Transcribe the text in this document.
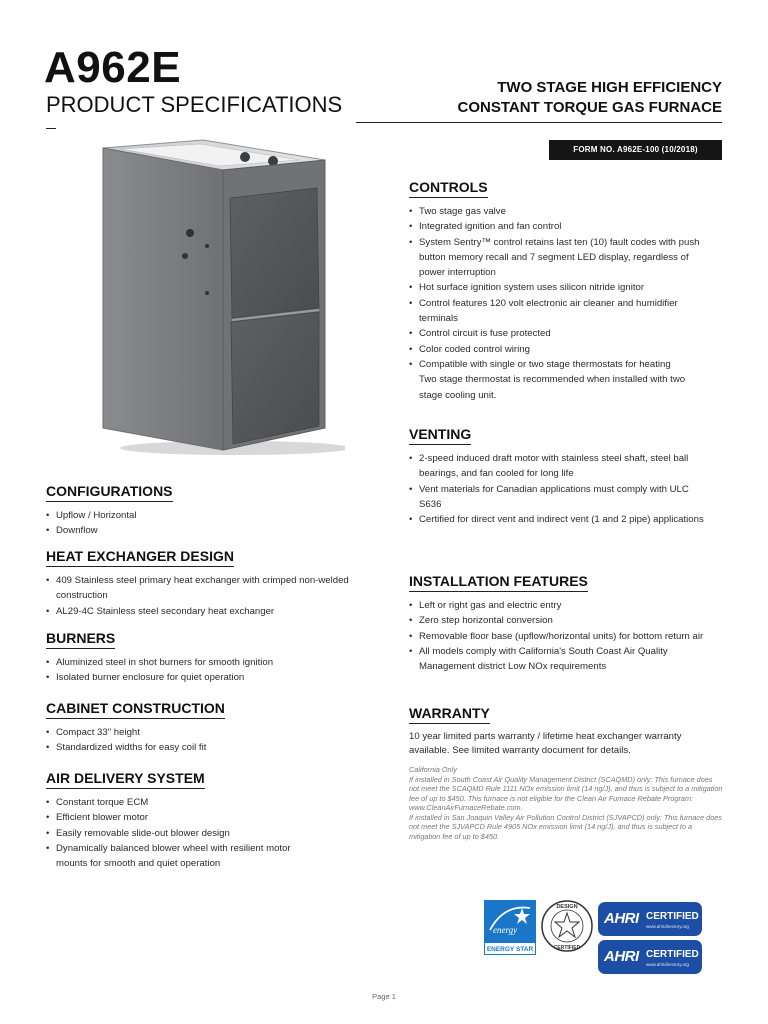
A962E
PRODUCT SPECIFICATIONS
TWO STAGE HIGH EFFICIENCY
CONSTANT TORQUE GAS FURNACE
FORM NO. A962E-100 (10/2018)
CONFIGURATIONS
• Upflow / Horizontal
• Downflow
HEAT EXCHANGER DESIGN
• 409 Stainless steel primary heat exchanger with crimped non-welded construction
• AL29-4C Stainless steel secondary heat exchanger
BURNERS
• Aluminized steel in shot burners for smooth ignition
• Isolated burner enclosure for quiet operation
CABINET CONSTRUCTION
• Compact 33" height
• Standardized widths for easy coil fit
AIR DELIVERY SYSTEM
• Constant torque ECM
• Efficient blower motor
• Easily removable slide-out blower design
• Dynamically balanced blower wheel with resilient motor mounts for smooth and quiet operation
CONTROLS
• Two stage gas valve
• Integrated ignition and fan control
• System Sentry™ control retains last ten (10) fault codes with push button memory recall and 7 segment LED display, regardless of power interruption
• Hot surface ignition system uses silicon nitride ignitor
• Control features 120 volt electronic air cleaner and humidifier terminals
• Control circuit is fuse protected
• Color coded control wiring
• Compatible with single or two stage thermostats for heating
Two stage thermostat is recommended when installed with two stage cooling unit.
VENTING
• 2-speed induced draft motor with stainless steel shaft, steel ball bearings, and fan cooled for long life
• Vent materials for Canadian applications must comply with ULC S636
• Certified for direct vent and indirect vent (1 and 2 pipe) applications
INSTALLATION FEATURES
• Left or right gas and electric entry
• Zero step horizontal conversion
• Removable floor base (upflow/horizontal units) for bottom return air
• All models comply with California's South Coast Air Quality Management district Low NOx requirements
WARRANTY

10 year limited parts warranty / lifetime heat exchanger warranty available. See limited warranty document for details.

California Only
If installed in South Coast Air Quality Management District (SCAQMD) only: This furnace does not meet the SCAQMD Rule 1111 NOx emission limit (14 ng/J), and thus is subject to a mitigation fee of up to $450. This furnace is not eligible for the Clean Air Furnace Rebate Program: www.CleanAirFurnaceRebate.com.
If installed in San Joaquin Valley Air Pollution Control District (SJVAPCD) only: This furnace does not meet the SJVAPCD Rule 4905 NOx emission limit (14 ng/J), and thus is subject to a mitigation fee of up to $450.
energy
ENERGY STAR
DESIGN
CERTIFIED
AHRI CERTIFIED
www.ahridirectory.org
AHRI CERTIFIED
www.ahridirectory.org
Page 1
